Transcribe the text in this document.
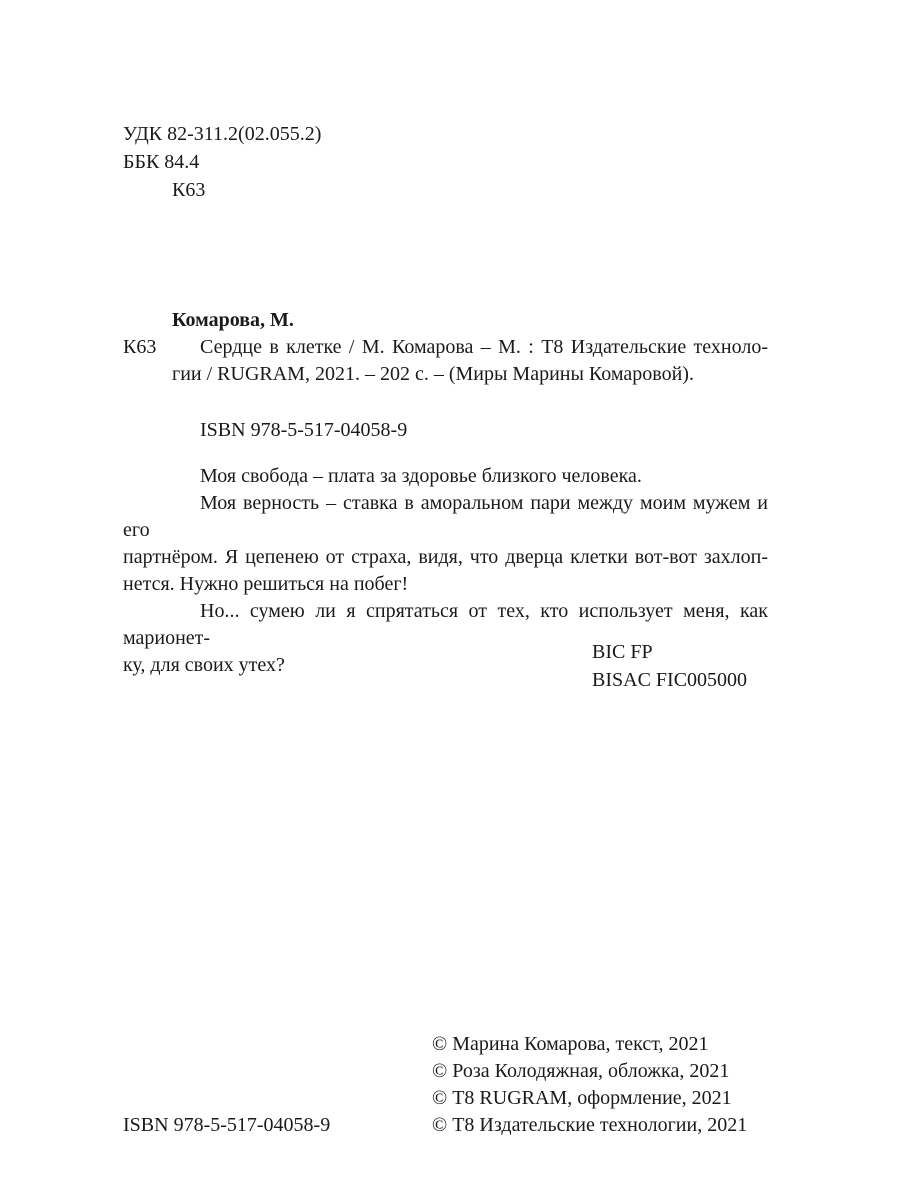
УДК 82-311.2(02.055.2)
ББК 84.4
К63
Комарова, М.
К63	Сердце в клетке / М. Комарова – М. : Т8 Издательские техноло-
гии / RUGRAM, 2021. – 202 с. – (Миры Марины Комаровой).
ISBN 978-5-517-04058-9
Моя свобода – плата за здоровье близкого человека.
Моя верность – ставка в аморальном пари между моим мужем и его
партнёром. Я цепенею от страха, видя, что дверца клетки вот-вот захлоп-
нется. Нужно решиться на побег!
Но... сумею ли я спрятаться от тех, кто использует меня, как марионет-
ку, для своих утех?
BIC FP
BISAC FIC005000
© Марина Комарова, текст, 2021
© Роза Колодяжная, обложка, 2021
© Т8 RUGRAM, оформление, 2021
© Т8 Издательские технологии, 2021
ISBN 978-5-517-04058-9
